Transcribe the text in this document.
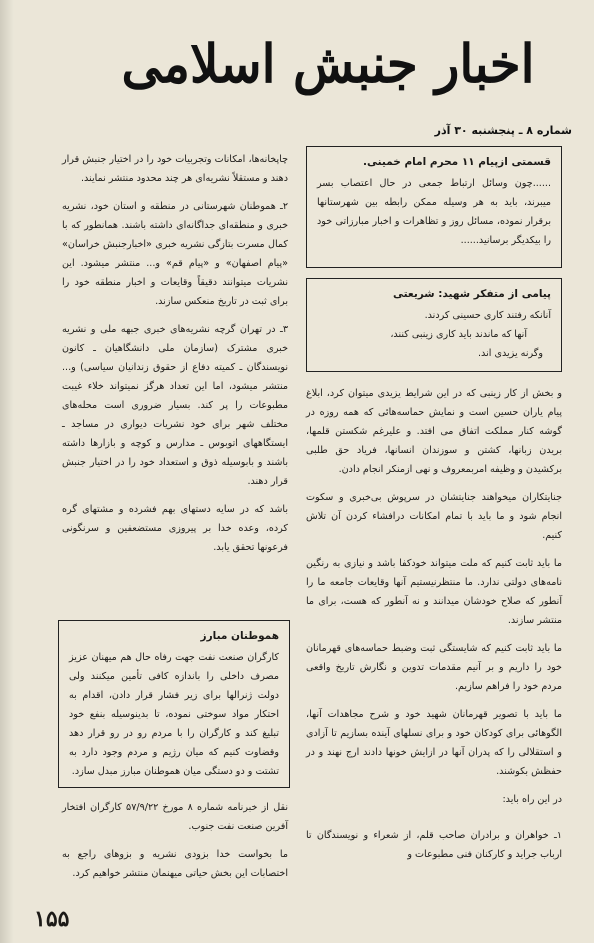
اخبار جنبش اسلامی
شماره ۸ ـ پنجشنبه ۳۰ آذر
قسمتی ازپیام ۱۱ محرم امام خمینی.
......چون وسائل ارتباط جمعی در حال اعتصاب بسر میبرند، باید به هر وسیله ممکن رابطه بین شهرستانها برقرار نموده، مسائل روز و تظاهرات و اخبار مبارزاتی خود را بیکدیگر برسانید......
پیامی از متفکر شهید: شریعتی
آنانکه رفتند کاری حسینی کردند.
آنها که ماندند باید کاری زینبی کنند،
وگرنه یزیدی اند.

و بخش از کار زینبی که در این شرایط یزیدی میتوان کرد، ابلاغ پیام یاران حسین است و نمایش حماسه‌هائی که همه روزه در گوشه کنار مملکت اتفاق می افتد. و علیرغم شکستن قلمها، بریدن زبانها، کشتن و سوزندان انسانها، فریاد حق طلبی برکشیدن و وظیفه امربمعروف و نهی ازمنکر انجام دادن.

جنایتکاران میخواهند جنایتشان در سرپوش بی‌خبری و سکوت انجام شود و ما باید با تمام امکانات درافشاء کردن آن تلاش کنیم.

ما باید ثابت کنیم که ملت میتواند خودکفا باشد و نیازی به رنگین نامه‌های دولتی ندارد. ما منتظرنیستیم آنها وقایعات جامعه ما را آنطور که صلاح خودشان میدانند و نه آنطور که هست، برای ما منتشر سازند.

ما باید ثابت کنیم که شایستگی ثبت وضبط حماسه‌های قهرمانان خود را داریم و بر آنیم مقدمات تدوین و نگارش تاریخ واقعی مردم خود را فراهم سازیم.

ما باید با تصویر قهرمانان شهید خود و شرح مجاهدات آنها، الگوهائی برای کودکان خود و برای نسلهای آینده بسازیم تا آزادی و استقلالی را که پدران آنها در ازایش خونها دادند ارج نهند و در حفظش بکوشند.

در این راه باید:

۱ـ خواهران و برادران صاحب قلم، از شعراء و نویسندگان تا ارباب جراید و کارکنان فنی مطبوعات و

چاپخانه‌ها، امکانات وتجربیات خود را در اختیار جنبش قرار دهند و مستقلاً نشریه‌ای هر چند محدود منتشر نمایند.

۲ـ هموطنان شهرستانی در منطقه و استان خود، نشریه خبری و منطقه‌ای جداگانه‌ای داشته باشند. همانطور که با کمال مسرت بتازگی نشریه خبری «اخبارجنبش خراسان» «پیام اصفهان» و «پیام قم» و... منتشر میشود. این نشریات میتوانند دقیقاً وقایعات و اخبار منطقه خود را برای ثبت در تاریخ منعکس سازند.

۳ـ در تهران گرچه نشریه‌های خبری جبهه ملی و نشریه خبری مشترک (سازمان ملی دانشگاهیان ـ کانون نویسندگان ـ کمیته دفاع از حقوق زندانیان سیاسی) و... منتشر میشود، اما این تعداد هرگز نمیتواند خلاء غیبت مطبوعات را پر کند. بسیار ضروری است محله‌های مختلف شهر برای خود نشریات دیواری در مساجد ـ ایستگاههای اتوبوس ـ مدارس و کوچه و بازارها داشته باشند و بابوسیله ذوق و استعداد خود را در اختیار جنبش قرار دهند.

باشد که در سایه دستهای بهم فشرده و مشتهای گره کرده، وعده خدا بر پیروزی مستضعفین و سرنگونی فرعونها تحقق یابد.

هموطنان مبارز
کارگران صنعت نفت جهت رفاه حال هم میهنان عزیز مصرف داخلی را باندازه کافی تأمین میکنند ولی دولت ژنرالها برای زیر فشار قرار دادن، اقدام به احتکار مواد سوختی نموده، تا بدینوسیله بنفع خود تبلیغ کند و کارگران را با مردم رو در رو قرار دهد وقضاوت کنیم که میان رژیم و مردم وجود دارد به تشتت و دو دستگی میان هموطنان مبارز مبدل سازد.

نقل از خبرنامه شماره ۸ مورخ ۵۷/۹/۲۲ کارگران افتخار آفرین صنعت نفت جنوب.

ما بخواست خدا بزودی نشریه و بزوهای راجع به اختصابات این بخش حیاتی میهنمان منتشر خواهیم کرد.

۱۵۵
